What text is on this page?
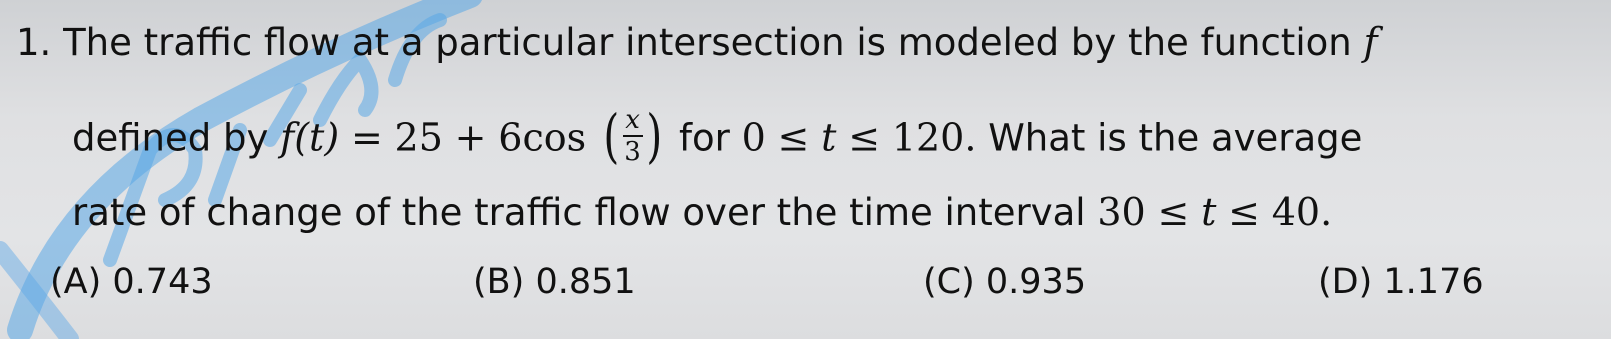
1. The traffic flow at a particular intersection is modeled by the function f
defined by f(t) = 25 + 6cos ( $\frac{x}{3}$ ) for 0 ≤ t ≤ 120. What is the average
rate of change of the traffic flow over the time interval 30 ≤ t ≤ 40.
(A) 0.743	(B) 0.851	(C) 0.935	(D) 1.176
